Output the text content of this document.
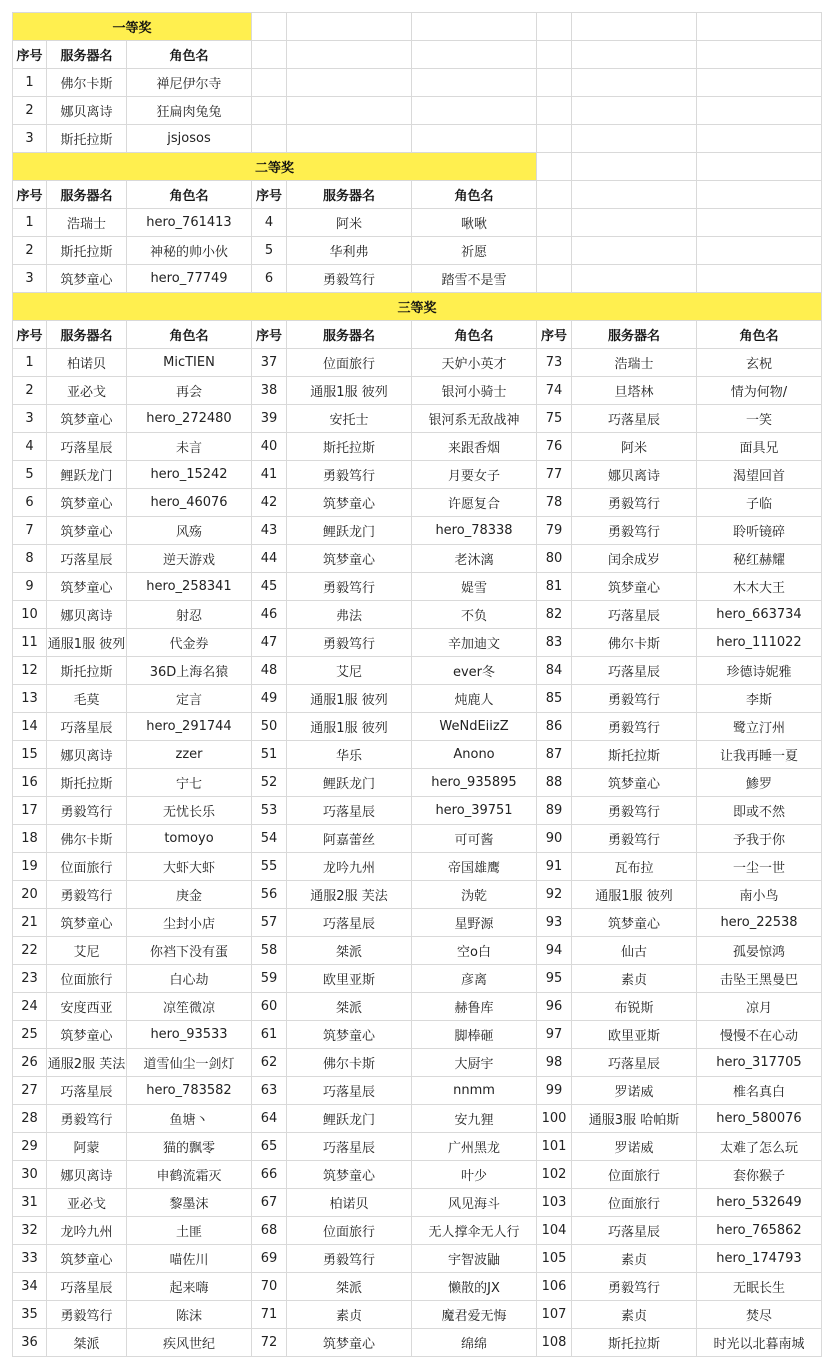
一等奖								
序号	服务器名	角色名						
1	佛尔卡斯	禅尼伊尔寺						
2	娜贝离诗	狂扁肉兔兔						
3	斯托拉斯	jsjosos						
二等奖								
序号	服务器名	角色名	序号	服务器名	角色名			
1	浩瑞士	hero_761413	4	阿米	啾啾			
2	斯托拉斯	神秘的帅小伙	5	华利弗	祈愿			
3	筑梦童心	hero_77749	6	勇毅笃行	踏雪不是雪			
三等奖								
序号	服务器名	角色名	序号	服务器名	角色名	序号	服务器名	角色名
1	柏诺贝	MicTIEN	37	位面旅行	天妒小英才	73	浩瑞士	玄柷
2	亚必戈	再会	38	通服1服 彼列	银河小骑士	74	旦塔林	情为何物/
3	筑梦童心	hero_272480	39	安托士	银河系无敌战神	75	巧落星辰	一笑
4	巧落星辰	未言	40	斯托拉斯	来跟香烟	76	阿米	面具兄
5	鲤跃龙门	hero_15242	41	勇毅笃行	月要女子	77	娜贝离诗	渴望回首
6	筑梦童心	hero_46076	42	筑梦童心	许愿复合	78	勇毅笃行	子临
7	筑梦童心	风殇	43	鲤跃龙门	hero_78338	79	勇毅笃行	聆听镜碎
8	巧落星辰	逆天游戏	44	筑梦童心	老沐漓	80	闰余成岁	秘红赫耀
9	筑梦童心	hero_258341	45	勇毅笃行	媞雪	81	筑梦童心	木木大王
10	娜贝离诗	射忍	46	弗法	不负	82	巧落星辰	hero_663734
11	通服1服 彼列	代金券	47	勇毅笃行	辛加迪文	83	佛尔卡斯	hero_111022
12	斯托拉斯	36D上海名猿	48	艾尼	ever冬	84	巧落星辰	珍德诗妮雅
13	毛莫	定言	49	通服1服 彼列	炖鹿人	85	勇毅笃行	李斯
14	巧落星辰	hero_291744	50	通服1服 彼列	WeNdEiizZ	86	勇毅笃行	鹭立汀州
15	娜贝离诗	zzer	51	华乐	Anono	87	斯托拉斯	让我再睡一夏
16	斯托拉斯	宁七	52	鲤跃龙门	hero_935895	88	筑梦童心	鯵罗
17	勇毅笃行	无忧长乐	53	巧落星辰	hero_39751	89	勇毅笃行	即或不然
18	佛尔卡斯	tomoyo	54	阿嘉蕾丝	可可酱	90	勇毅笃行	予我于你
19	位面旅行	大虾大虾	55	龙吟九州	帝国雄鹰	91	瓦布拉	一尘一世
20	勇毅笃行	庚金	56	通服2服 芙法	沩乾	92	通服1服 彼列	南小鸟
21	筑梦童心	尘封小店	57	巧落星辰	星野源	93	筑梦童心	hero_22538
22	艾尼	你裆下没有蛋	58	桀派	空o白	94	仙古	孤晏惊鸿
23	位面旅行	白心劫	59	欧里亚斯	彦离	95	素贞	击坠王黑曼巴
24	安度西亚	凉笙微凉	60	桀派	赫鲁库	96	布锐斯	凉月
25	筑梦童心	hero_93533	61	筑梦童心	脚棒砸	97	欧里亚斯	慢慢不在心动
26	通服2服 芙法	道雪仙尘一剑灯	62	佛尔卡斯	大厨宇	98	巧落星辰	hero_317705
27	巧落星辰	hero_783582	63	巧落星辰	nnmm	99	罗诺威	椎名真白
28	勇毅笃行	鱼塘丶	64	鲤跃龙门	安九狸	100	通服3服 哈帕斯	hero_580076
29	阿蒙	猫的飘零	65	巧落星辰	广州黑龙	101	罗诺威	太难了怎么玩
30	娜贝离诗	申鹤流霜灭	66	筑梦童心	叶少	102	位面旅行	套你猴子
31	亚必戈	黎墨沫	67	柏诺贝	风见海斗	103	位面旅行	hero_532649
32	龙吟九州	土匪	68	位面旅行	无人撑伞无人行	104	巧落星辰	hero_765862
33	筑梦童心	喵佐川	69	勇毅笃行	宇智波鼬	105	素贞	hero_174793
34	巧落星辰	起来嗨	70	桀派	懒散的JX	106	勇毅笃行	无眠长生
35	勇毅笃行	陈沫	71	素贞	魔君爱无悔	107	素贞	焚尽
36	桀派	疾风世纪	72	筑梦童心	绵绵	108	斯托拉斯	时光以北暮南城
